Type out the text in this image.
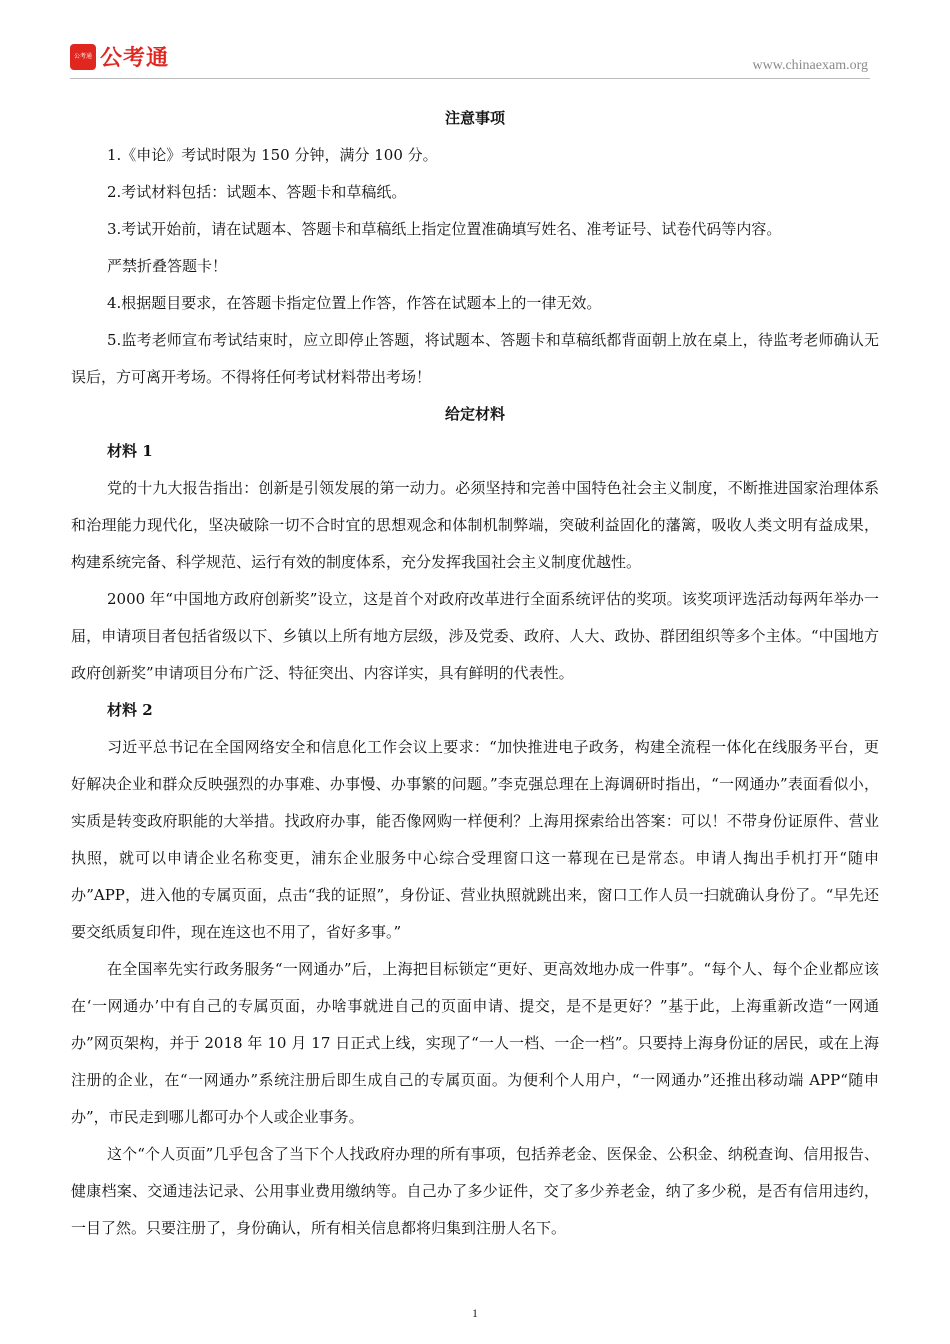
公考通 公考通	www.chinaexam.org

注意事项

1.《申论》考试时限为 150 分钟，满分 100 分。

2.考试材料包括：试题本、答题卡和草稿纸。

3.考试开始前，请在试题本、答题卡和草稿纸上指定位置准确填写姓名、准考证号、试卷代码等内容。

严禁折叠答题卡！

4.根据题目要求，在答题卡指定位置上作答，作答在试题本上的一律无效。

5.监考老师宣布考试结束时，应立即停止答题，将试题本、答题卡和草稿纸都背面朝上放在桌上，待监考老师确认无误后，方可离开考场。不得将任何考试材料带出考场！

给定材料

材料 1

党的十九大报告指出：创新是引领发展的第一动力。必须坚持和完善中国特色社会主义制度，不断推进国家治理体系和治理能力现代化，坚决破除一切不合时宜的思想观念和体制机制弊端，突破利益固化的藩篱，吸收人类文明有益成果，构建系统完备、科学规范、运行有效的制度体系，充分发挥我国社会主义制度优越性。

2000 年“中国地方政府创新奖”设立，这是首个对政府改革进行全面系统评估的奖项。该奖项评选活动每两年举办一届，申请项目者包括省级以下、乡镇以上所有地方层级，涉及党委、政府、人大、政协、群团组织等多个主体。“中国地方政府创新奖”申请项目分布广泛、特征突出、内容详实，具有鲜明的代表性。

材料 2

习近平总书记在全国网络安全和信息化工作会议上要求：“加快推进电子政务，构建全流程一体化在线服务平台，更好解决企业和群众反映强烈的办事难、办事慢、办事繁的问题。”李克强总理在上海调研时指出，“一网通办”表面看似小，实质是转变政府职能的大举措。找政府办事，能否像网购一样便利？上海用探索给出答案：可以！不带身份证原件、营业执照，就可以申请企业名称变更，浦东企业服务中心综合受理窗口这一幕现在已是常态。申请人掏出手机打开“随申办”APP，进入他的专属页面，点击“我的证照”，身份证、营业执照就跳出来，窗口工作人员一扫就确认身份了。“早先还要交纸质复印件，现在连这也不用了，省好多事。”

在全国率先实行政务服务“一网通办”后，上海把目标锁定“更好、更高效地办成一件事”。“每个人、每个企业都应该在‘一网通办’中有自己的专属页面，办啥事就进自己的页面申请、提交，是不是更好？”基于此，上海重新改造“一网通办”网页架构，并于 2018 年 10 月 17 日正式上线，实现了“一人一档、一企一档”。只要持上海身份证的居民，或在上海注册的企业，在“一网通办”系统注册后即生成自己的专属页面。为便利个人用户，“一网通办”还推出移动端 APP“随申办”，市民走到哪儿都可办个人或企业事务。

这个“个人页面”几乎包含了当下个人找政府办理的所有事项，包括养老金、医保金、公积金、纳税查询、信用报告、健康档案、交通违法记录、公用事业费用缴纳等。自己办了多少证件，交了多少养老金，纳了多少税，是否有信用违约，一目了然。只要注册了，身份确认，所有相关信息都将归集到注册人名下。

1
